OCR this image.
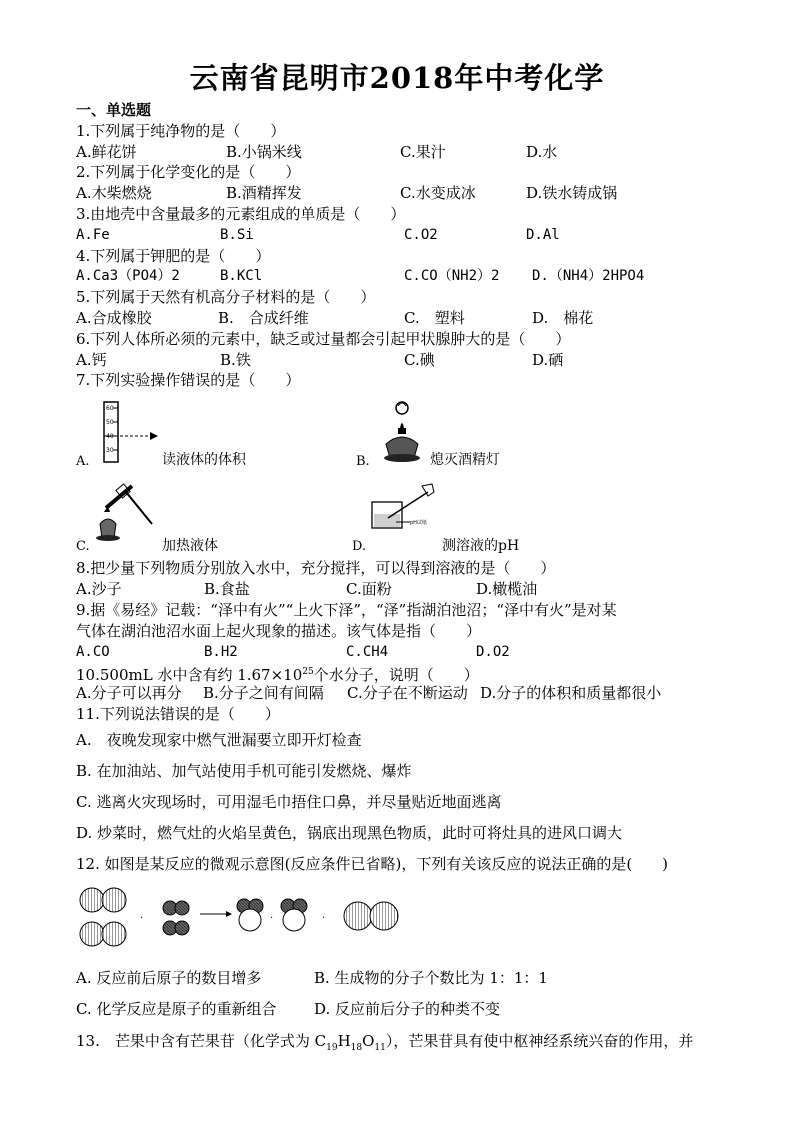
云南省昆明市2018年中考化学
一、单选题
1.下列属于纯净物的是（　　）
A.鲜花饼	B.小锅米线	C.果汁	D.水
2.下列属于化学变化的是（　　）
A.木柴燃烧	B.酒精挥发	C.水变成冰	D.铁水铸成锅
3.由地壳中含量最多的元素组成的单质是（　　）
A.Fe	B.Si	C.O2	D.Al
4.下列属于钾肥的是（　　）
A.Ca3（PO4）2	B.KCl	C.CO（NH2）2 D.（NH4）2HPO4
5.下列属于天然有机高分子材料的是（　　）
A.合成橡胶	B.　合成纤维	C.　塑料	D.　棉花
6.下列人体所必须的元素中，缺乏或过量都会引起甲状腺肿大的是（　　）
A.钙	B.铁	C.碘	D.硒
7.下列实验操作错误的是（　　）
60
50
40
30
A.	读液体的体积	B.	熄灭酒精灯
C.	加热液体
pH试纸
D.	测溶液的pH
8.把少量下列物质分别放入水中，充分搅拌，可以得到溶液的是（　　）
A.沙子	B.食盐	C.面粉	D.橄榄油
9.据《易经》记载：“泽中有火”“上火下泽”，“泽”指湖泊池沼；“泽中有火”是对某
气体在湖泊池沼水面上起火现象的描述。该气体是指（　　）
A.CO	B.H2	C.CH4	D.O2
10.500mL 水中含有约 $1.67\times 10^{25}$个水分子，说明（　　）
A.分子可以再分 B.分子之间有间隔 C.分子在不断运动 D.分子的体积和质量都很小
11.下列说法错误的是（　　）
A.　夜晚发现家中燃气泄漏要立即开灯检查
B. 在加油站、加气站使用手机可能引发燃烧、爆炸
C. 逃离火灾现场时，可用湿毛巾捂住口鼻，并尽量贴近地面逃离
D. 炒菜时，燃气灶的火焰呈黄色，锅底出现黑色物质，此时可将灶具的进风口调大
12. 如图是某反应的微观示意图(反应条件已省略)，下列有关该反应的说法正确的是(　　)
·	·	·
A. 反应前后原子的数目增多	B. 生成物的分子个数比为 1：1：1
C. 化学反应是原子的重新组合	D. 反应前后分子的种类不变
13.　芒果中含有芒果苷（化学式为 $C_{19}H_{18}O_{11}$），芒果苷具有使中枢神经系统兴奋的作用，并
